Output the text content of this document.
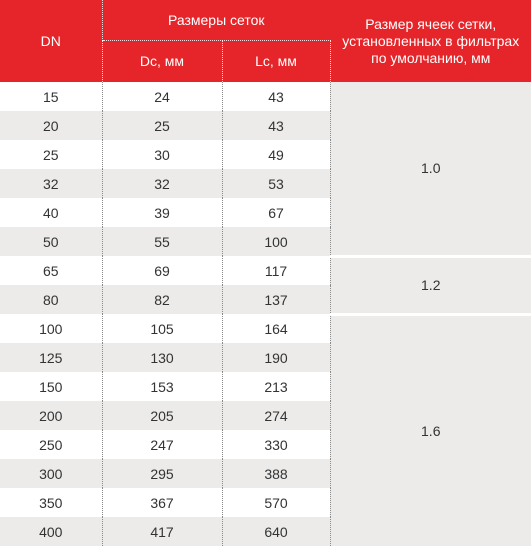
DN	Размеры сеток		Размер ячеек сетки, установленных в фильтрах по умолчанию, мм
	Dc, мм	Lc, мм	
15	24	43	1.0
20	25	43	
25	30	49	
32	32	53	
40	39	67	
50	55	100	
65	69	117	1.2
80	82	137	
100	105	164	1.6
125	130	190	
150	153	213	
200	205	274	
250	247	330	
300	295	388	
350	367	570	
400	417	640	
